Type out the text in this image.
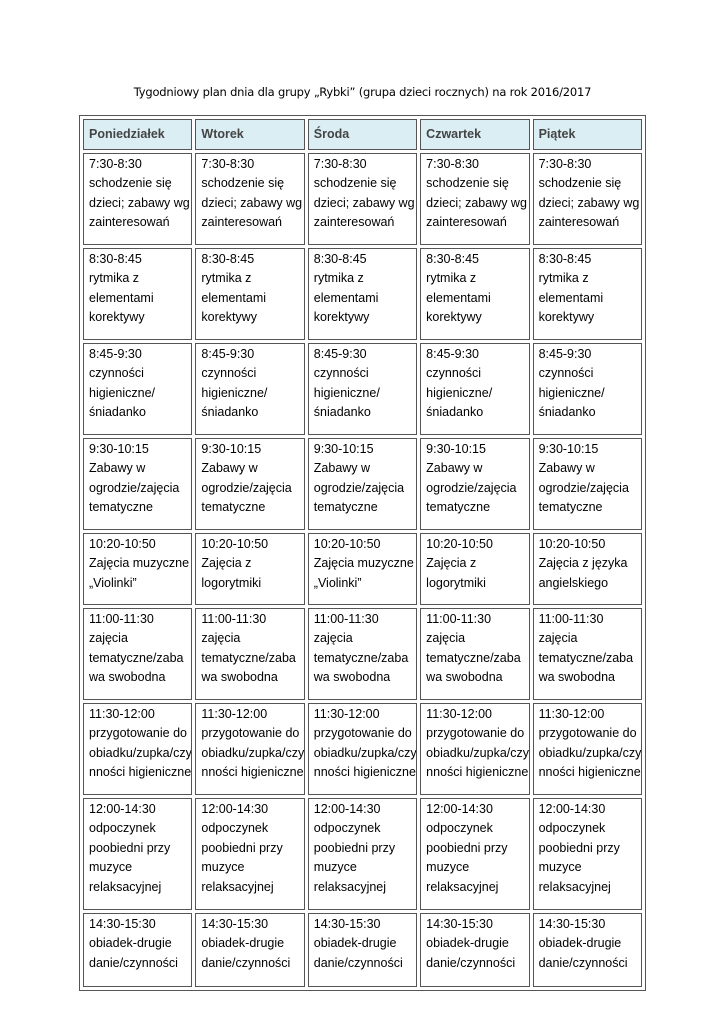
Tygodniowy plan dnia dla grupy „Rybki” (grupa dzieci rocznych) na rok 2016/2017
Poniedziałek	Wtorek	Środa	Czwartek	Piątek

7:30-8:30
schodzenie się
dzieci; zabawy wg
zainteresowań	7:30-8:30
schodzenie się
dzieci; zabawy wg
zainteresowań	7:30-8:30
schodzenie się
dzieci; zabawy wg
zainteresowań	7:30-8:30
schodzenie się
dzieci; zabawy wg
zainteresowań	7:30-8:30
schodzenie się
dzieci; zabawy wg
zainteresowań

8:30-8:45
rytmika z
elementami
korektywy	8:30-8:45
rytmika z
elementami
korektywy	8:30-8:45
rytmika z
elementami
korektywy	8:30-8:45
rytmika z
elementami
korektywy	8:30-8:45
rytmika z
elementami
korektywy

8:45-9:30
czynności
higieniczne/
śniadanko	8:45-9:30
czynności
higieniczne/
śniadanko	8:45-9:30
czynności
higieniczne/
śniadanko	8:45-9:30
czynności
higieniczne/
śniadanko	8:45-9:30
czynności
higieniczne/
śniadanko

9:30-10:15
Zabawy w
ogrodzie/zajęcia
tematyczne	9:30-10:15
Zabawy w
ogrodzie/zajęcia
tematyczne	9:30-10:15
Zabawy w
ogrodzie/zajęcia
tematyczne	9:30-10:15
Zabawy w
ogrodzie/zajęcia
tematyczne	9:30-10:15
Zabawy w
ogrodzie/zajęcia
tematyczne

10:20-10:50
Zajęcia muzyczne
„Violinki”	10:20-10:50
Zajęcia z
logorytmiki	10:20-10:50
Zajęcia muzyczne
„Violinki”	10:20-10:50
Zajęcia z
logorytmiki	10:20-10:50
Zajęcia z języka
angielskiego

11:00-11:30
zajęcia
tematyczne/zaba
wa swobodna	11:00-11:30
zajęcia
tematyczne/zaba
wa swobodna	11:00-11:30
zajęcia
tematyczne/zaba
wa swobodna	11:00-11:30
zajęcia
tematyczne/zaba
wa swobodna	11:00-11:30
zajęcia
tematyczne/zaba
wa swobodna

11:30-12:00
przygotowanie do
obiadku/zupka/czy
nności higieniczne	11:30-12:00
przygotowanie do
obiadku/zupka/czy
nności higieniczne	11:30-12:00
przygotowanie do
obiadku/zupka/czy
nności higieniczne	11:30-12:00
przygotowanie do
obiadku/zupka/czy
nności higieniczne	11:30-12:00
przygotowanie do
obiadku/zupka/czy
nności higieniczne

12:00-14:30
odpoczynek
poobiedni przy
muzyce
relaksacyjnej	12:00-14:30
odpoczynek
poobiedni przy
muzyce
relaksacyjnej	12:00-14:30
odpoczynek
poobiedni przy
muzyce
relaksacyjnej	12:00-14:30
odpoczynek
poobiedni przy
muzyce
relaksacyjnej	12:00-14:30
odpoczynek
poobiedni przy
muzyce
relaksacyjnej

14:30-15:30
obiadek-drugie
danie/czynności	14:30-15:30
obiadek-drugie
danie/czynności	14:30-15:30
obiadek-drugie
danie/czynności	14:30-15:30
obiadek-drugie
danie/czynności	14:30-15:30
obiadek-drugie
danie/czynności
